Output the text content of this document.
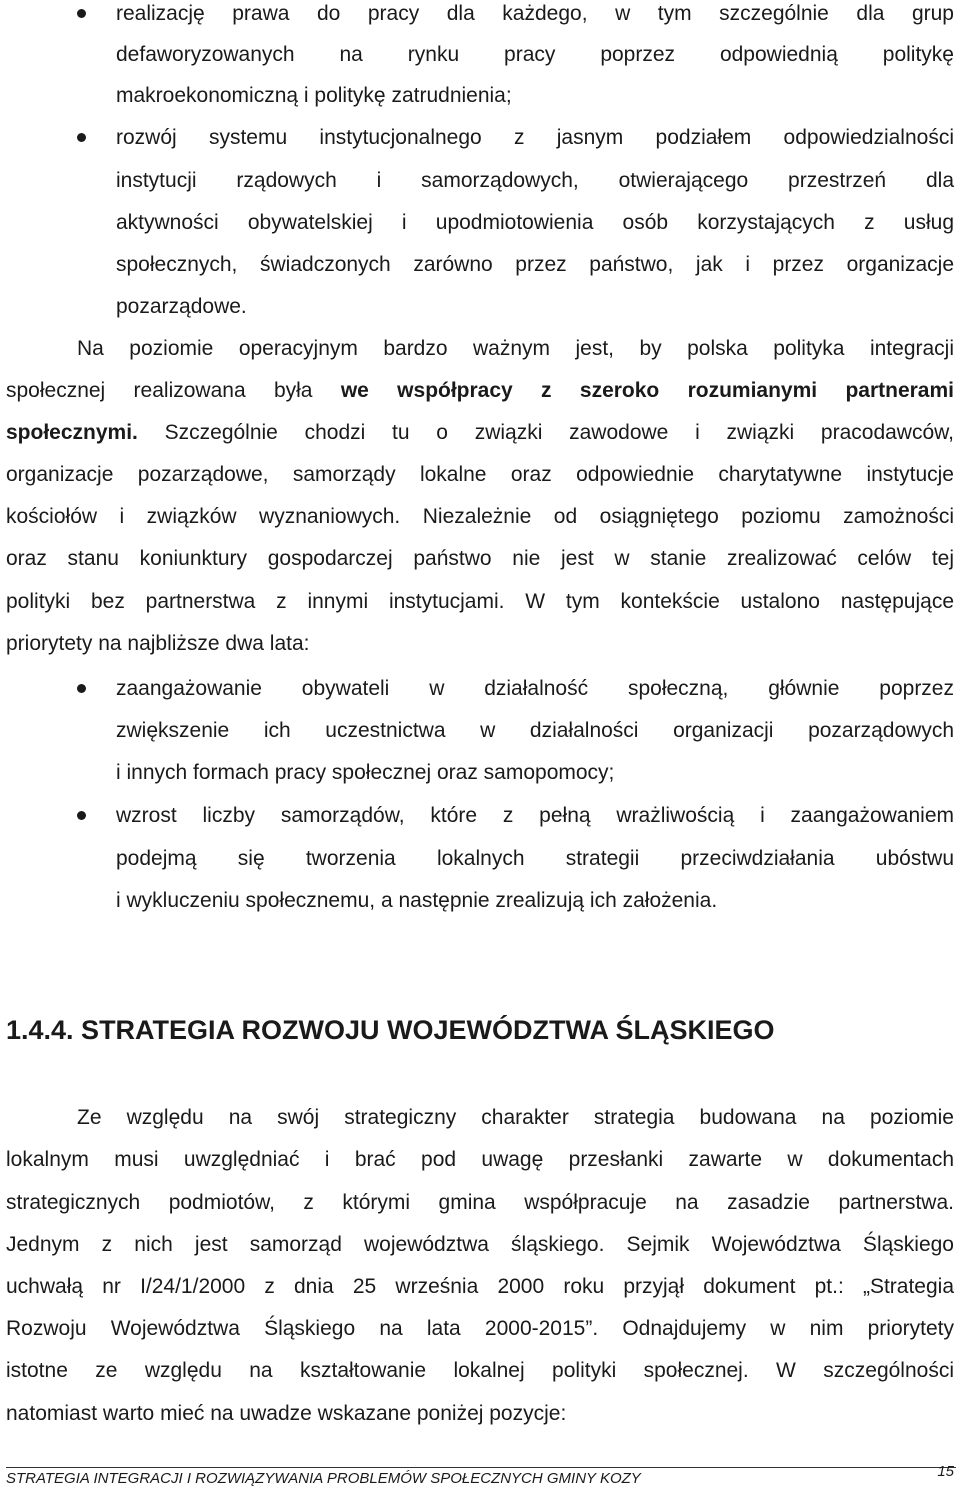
realizację prawa do pracy dla każdego, w tym szczególnie dla grup
defaworyzowanych na rynku pracy poprzez odpowiednią politykę
makroekonomiczną i politykę zatrudnienia;
rozwój systemu instytucjonalnego z jasnym podziałem odpowiedzialności
instytucji rządowych i samorządowych, otwierającego przestrzeń dla
aktywności obywatelskiej i upodmiotowienia osób korzystających z usług
społecznych, świadczonych zarówno przez państwo, jak i przez organizacje
pozarządowe.
Na poziomie operacyjnym bardzo ważnym jest, by polska polityka integracji
społecznej realizowana była we współpracy z szeroko rozumianymi partnerami
społecznymi. Szczególnie chodzi tu o związki zawodowe i związki pracodawców,
organizacje pozarządowe, samorządy lokalne oraz odpowiednie charytatywne instytucje
kościołów i związków wyznaniowych. Niezależnie od osiągniętego poziomu zamożności
oraz stanu koniunktury gospodarczej państwo nie jest w stanie zrealizować celów tej
polityki bez partnerstwa z innymi instytucjami. W tym kontekście ustalono następujące
priorytety na najbliższe dwa lata:
zaangażowanie obywateli w działalność społeczną, głównie poprzez
zwiększenie ich uczestnictwa w działalności organizacji pozarządowych
i innych formach pracy społecznej oraz samopomocy;
wzrost liczby samorządów, które z pełną wrażliwością i zaangażowaniem
podejmą się tworzenia lokalnych strategii przeciwdziałania ubóstwu
i wykluczeniu społecznemu, a następnie zrealizują ich założenia.
1.4.4. STRATEGIA ROZWOJU WOJEWÓDZTWA ŚLĄSKIEGO
Ze względu na swój strategiczny charakter strategia budowana na poziomie
lokalnym musi uwzględniać i brać pod uwagę przesłanki zawarte w dokumentach
strategicznych podmiotów, z którymi gmina współpracuje na zasadzie partnerstwa.
Jednym z nich jest samorząd województwa śląskiego. Sejmik Województwa Śląskiego
uchwałą nr I/24/1/2000 z dnia 25 września 2000 roku przyjął dokument pt.: „Strategia
Rozwoju Województwa Śląskiego na lata 2000-2015”. Odnajdujemy w nim priorytety
istotne ze względu na kształtowanie lokalnej polityki społecznej. W szczególności
natomiast warto mieć na uwadze wskazane poniżej pozycje:
STRATEGIA INTEGRACJI I ROZWIĄZYWANIA PROBLEMÓW SPOŁECZNYCH GMINY KOZY	15
